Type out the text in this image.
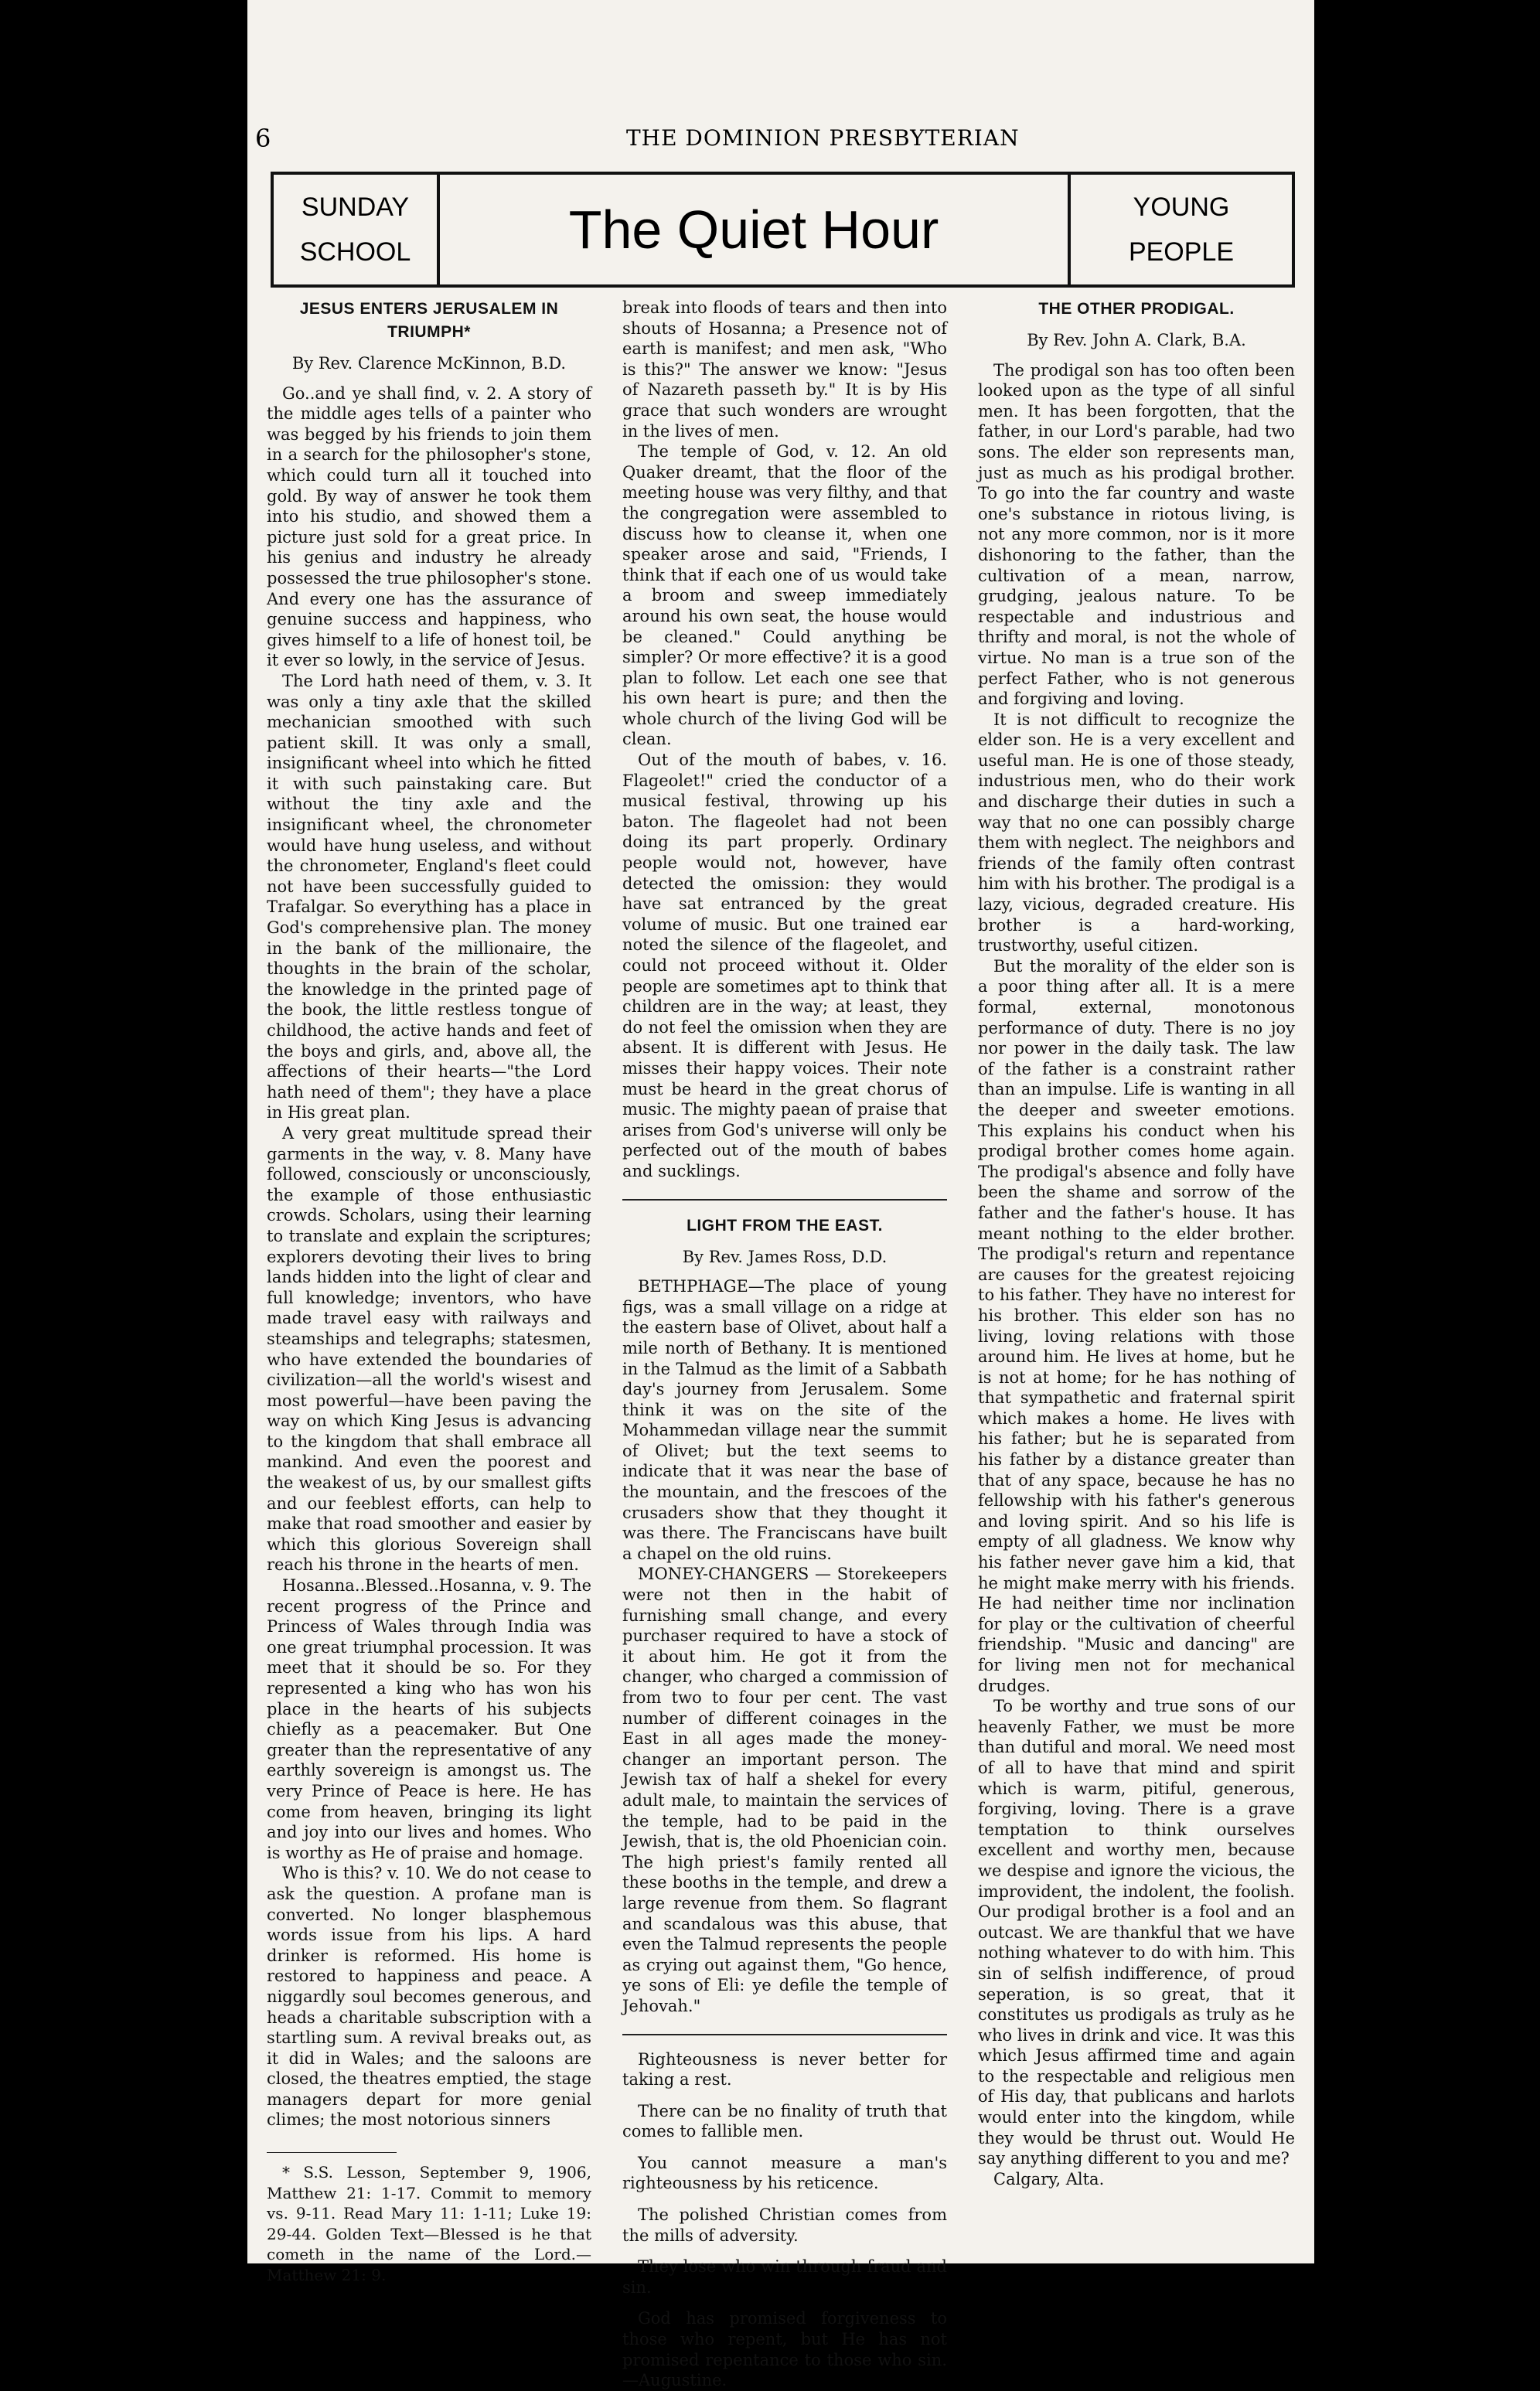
6	THE DOMINION PRESBYTERIAN
SUNDAY
SCHOOL	The Quiet Hour	YOUNG
PEOPLE
JESUS ENTERS JERUSALEM IN TRIUMPH*
By Rev. Clarence McKinnon, B.D.

Go..and ye shall find, v. 2. A story of the middle ages tells of a painter who was begged by his friends to join them in a search for the philosopher's stone, which could turn all it touched into gold. By way of answer he took them into his studio, and showed them a picture just sold for a great price. In his genius and industry he already possessed the true philosopher's stone. And every one has the assurance of genuine success and happiness, who gives himself to a life of honest toil, be it ever so lowly, in the service of Jesus.

The Lord hath need of them, v. 3. It was only a tiny axle that the skilled mechanician smoothed with such patient skill. It was only a small, insignificant wheel into which he fitted it with such painstaking care. But without the tiny axle and the insignificant wheel, the chronometer would have hung useless, and without the chronometer, England's fleet could not have been successfully guided to Trafalgar. So everything has a place in God's comprehensive plan. The money in the bank of the millionaire, the thoughts in the brain of the scholar, the knowledge in the printed page of the book, the little restless tongue of childhood, the active hands and feet of the boys and girls, and, above all, the affections of their hearts—"the Lord hath need of them"; they have a place in His great plan.

A very great multitude spread their garments in the way, v. 8. Many have followed, consciously or unconsciously, the example of those enthusiastic crowds. Scholars, using their learning to translate and explain the scriptures; explorers devoting their lives to bring lands hidden into the light of clear and full knowledge; inventors, who have made travel easy with railways and steamships and telegraphs; statesmen, who have extended the boundaries of civilization—all the world's wisest and most powerful—have been paving the way on which King Jesus is advancing to the kingdom that shall embrace all mankind. And even the poorest and the weakest of us, by our smallest gifts and our feeblest efforts, can help to make that road smoother and easier by which this glorious Sovereign shall reach his throne in the hearts of men.

Hosanna..Blessed..Hosanna, v. 9. The recent progress of the Prince and Princess of Wales through India was one great triumphal procession. It was meet that it should be so. For they represented a king who has won his place in the hearts of his subjects chiefly as a peacemaker. But One greater than the representative of any earthly sovereign is amongst us. The very Prince of Peace is here. He has come from heaven, bringing its light and joy into our lives and homes. Who is worthy as He of praise and homage.

Who is this? v. 10. We do not cease to ask the question. A profane man is converted. No longer blasphemous words issue from his lips. A hard drinker is reformed. His home is restored to happiness and peace. A niggardly soul becomes generous, and heads a charitable subscription with a startling sum. A revival breaks out, as it did in Wales; and the saloons are closed, the theatres emptied, the stage managers depart for more genial climes; the most notorious sinners

* S.S. Lesson, September 9, 1906, Matthew 21: 1-17. Commit to memory vs. 9-11. Read Mary 11: 1-11; Luke 19: 29-44. Golden Text—Blessed is he that cometh in the name of the Lord.—Matthew 21: 9.

break into floods of tears and then into shouts of Hosanna; a Presence not of earth is manifest; and men ask, "Who is this?" The answer we know: "Jesus of Nazareth passeth by." It is by His grace that such wonders are wrought in the lives of men.

The temple of God, v. 12. An old Quaker dreamt, that the floor of the meeting house was very filthy, and that the congregation were assembled to discuss how to cleanse it, when one speaker arose and said, "Friends, I think that if each one of us would take a broom and sweep immediately around his own seat, the house would be cleaned." Could anything be simpler? Or more effective? it is a good plan to follow. Let each one see that his own heart is pure; and then the whole church of the living God will be clean.

Out of the mouth of babes, v. 16. Flageolet!" cried the conductor of a musical festival, throwing up his baton. The flageolet had not been doing its part properly. Ordinary people would not, however, have detected the omission: they would have sat entranced by the great volume of music. But one trained ear noted the silence of the flageolet, and could not proceed without it. Older people are sometimes apt to think that children are in the way; at least, they do not feel the omission when they are absent. It is different with Jesus. He misses their happy voices. Their note must be heard in the great chorus of music. The mighty paean of praise that arises from God's universe will only be perfected out of the mouth of babes and sucklings.

LIGHT FROM THE EAST.
By Rev. James Ross, D.D.

BETHPHAGE—The place of young figs, was a small village on a ridge at the eastern base of Olivet, about half a mile north of Bethany. It is mentioned in the Talmud as the limit of a Sabbath day's journey from Jerusalem. Some think it was on the site of the Mohammedan village near the summit of Olivet; but the text seems to indicate that it was near the base of the mountain, and the frescoes of the crusaders show that they thought it was there. The Franciscans have built a chapel on the old ruins.

MONEY-CHANGERS — Storekeepers were not then in the habit of furnishing small change, and every purchaser required to have a stock of it about him. He got it from the changer, who charged a commission of from two to four per cent. The vast number of different coinages in the East in all ages made the money-changer an important person. The Jewish tax of half a shekel for every adult male, to maintain the services of the temple, had to be paid in the Jewish, that is, the old Phoenician coin. The high priest's family rented all these booths in the temple, and drew a large revenue from them. So flagrant and scandalous was this abuse, that even the Talmud represents the people as crying out against them, "Go hence, ye sons of Eli: ye defile the temple of Jehovah."

Righteousness is never better for taking a rest.

There can be no finality of truth that comes to fallible men.

You cannot measure a man's righteousness by his reticence.

The polished Christian comes from the mills of adversity.

They lose who win through fraud and sin.

God has promised forgiveness to those who repent, but He has not promised repentance to those who sin.—Augustine.

THE OTHER PRODIGAL.
By Rev. John A. Clark, B.A.

The prodigal son has too often been looked upon as the type of all sinful men. It has been forgotten, that the father, in our Lord's parable, had two sons. The elder son represents man, just as much as his prodigal brother. To go into the far country and waste one's substance in riotous living, is not any more common, nor is it more dishonoring to the father, than the cultivation of a mean, narrow, grudging, jealous nature. To be respectable and industrious and thrifty and moral, is not the whole of virtue. No man is a true son of the perfect Father, who is not generous and forgiving and loving.

It is not difficult to recognize the elder son. He is a very excellent and useful man. He is one of those steady, industrious men, who do their work and discharge their duties in such a way that no one can possibly charge them with neglect. The neighbors and friends of the family often contrast him with his brother. The prodigal is a lazy, vicious, degraded creature. His brother is a hard-working, trustworthy, useful citizen.

But the morality of the elder son is a poor thing after all. It is a mere formal, external, monotonous performance of duty. There is no joy nor power in the daily task. The law of the father is a constraint rather than an impulse. Life is wanting in all the deeper and sweeter emotions. This explains his conduct when his prodigal brother comes home again. The prodigal's absence and folly have been the shame and sorrow of the father and the father's house. It has meant nothing to the elder brother. The prodigal's return and repentance are causes for the greatest rejoicing to his father. They have no interest for his brother. This elder son has no living, loving relations with those around him. He lives at home, but he is not at home; for he has nothing of that sympathetic and fraternal spirit which makes a home. He lives with his father; but he is separated from his father by a distance greater than that of any space, because he has no fellowship with his father's generous and loving spirit. And so his life is empty of all gladness. We know why his father never gave him a kid, that he might make merry with his friends. He had neither time nor inclination for play or the cultivation of cheerful friendship. "Music and dancing" are for living men not for mechanical drudges.

To be worthy and true sons of our heavenly Father, we must be more than dutiful and moral. We need most of all to have that mind and spirit which is warm, pitiful, generous, forgiving, loving. There is a grave temptation to think ourselves excellent and worthy men, because we despise and ignore the vicious, the improvident, the indolent, the foolish. Our prodigal brother is a fool and an outcast. We are thankful that we have nothing whatever to do with him. This sin of selfish indifference, of proud seperation, is so great, that it constitutes us prodigals as truly as he who lives in drink and vice. It was this which Jesus affirmed time and again to the respectable and religious men of His day, that publicans and harlots would enter into the kingdom, while they would be thrust out. Would He say anything different to you and me?

Calgary, Alta.
